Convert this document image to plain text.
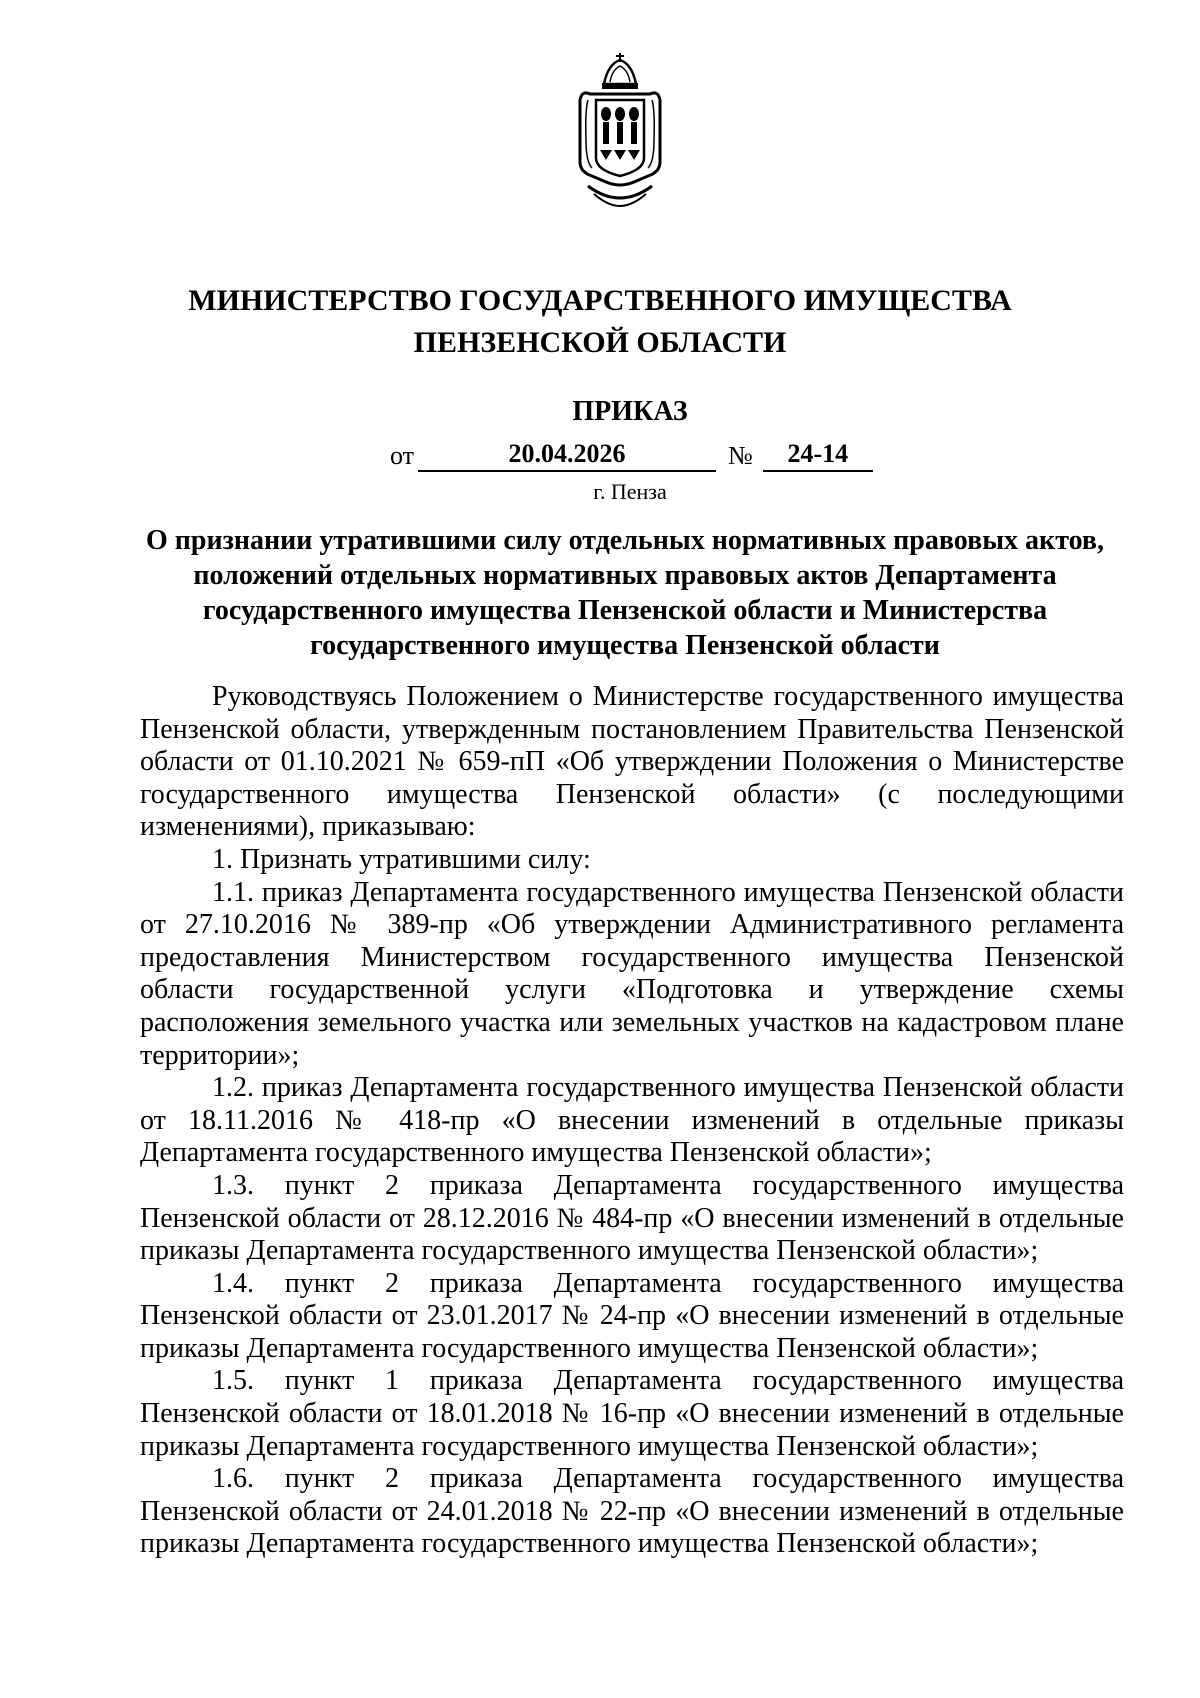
МИНИСТЕРСТВО ГОСУДАРСТВЕННОГО ИМУЩЕСТВА
ПЕНЗЕНСКОЙ ОБЛАСТИ
ПРИКАЗ
от	20.04.2026	№	24-14
г. Пенза
О признании утратившими силу отдельных нормативных правовых актов,
положений отдельных нормативных правовых актов Департамента
государственного имущества Пензенской области и Министерства
государственного имущества Пензенской области

Руководствуясь Положением о Министерстве государственного имущества Пензенской области, утвержденным постановлением Правительства Пензенской области от 01.10.2021 № 659-пП «Об утверждении Положения о Министерстве государственного имущества Пензенской области» (с последующими изменениями), приказываю:

1. Признать утратившими силу:

1.1. приказ Департамента государственного имущества Пензенской области от 27.10.2016 № 389-пр «Об утверждении Административного регламента предоставления Министерством государственного имущества Пензенской области государственной услуги «Подготовка и утверждение схемы расположения земельного участка или земельных участков на кадастровом плане территории»;

1.2. приказ Департамента государственного имущества Пензенской области от 18.11.2016 № 418-пр «О внесении изменений в отдельные приказы Департамента государственного имущества Пензенской области»;

1.3. пункт 2 приказа Департамента государственного имущества Пензенской области от 28.12.2016 № 484-пр «О внесении изменений в отдельные приказы Департамента государственного имущества Пензенской области»;

1.4. пункт 2 приказа Департамента государственного имущества Пензенской области от 23.01.2017 № 24-пр «О внесении изменений в отдельные приказы Департамента государственного имущества Пензенской области»;

1.5. пункт 1 приказа Департамента государственного имущества Пензенской области от 18.01.2018 № 16-пр «О внесении изменений в отдельные приказы Департамента государственного имущества Пензенской области»;

1.6. пункт 2 приказа Департамента государственного имущества Пензенской области от 24.01.2018 № 22-пр «О внесении изменений в отдельные приказы Департамента государственного имущества Пензенской области»;
